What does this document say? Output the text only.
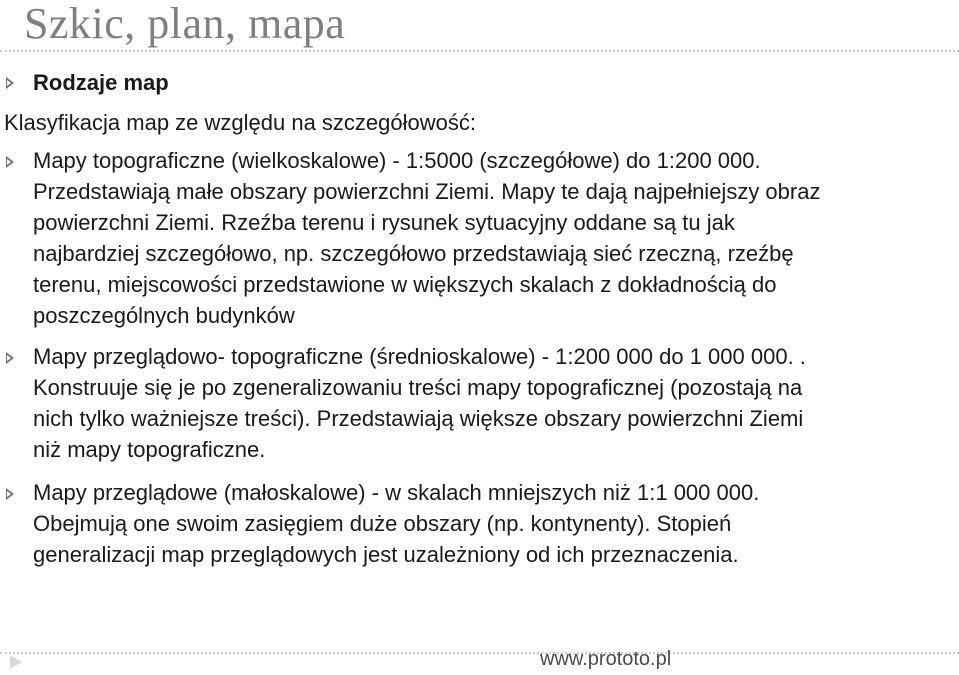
Szkic, plan, mapa
Rodzaje map
Klasyfikacja map ze względu na szczegółowość:
Mapy topograficzne (wielkoskalowe) - 1:5000 (szczegółowe) do 1:200 000.
Przedstawiają małe obszary powierzchni Ziemi. Mapy te dają najpełniejszy obraz
powierzchni Ziemi. Rzeźba terenu i rysunek sytuacyjny oddane są tu jak
najbardziej szczegółowo, np. szczegółowo przedstawiają sieć rzeczną, rzeźbę
terenu, miejscowości przedstawione w większych skalach z dokładnością do
poszczególnych budynków
Mapy przeglądowo- topograficzne (średnioskalowe) - 1:200 000 do 1 000 000. .
Konstruuje się je po zgeneralizowaniu treści mapy topograficznej (pozostają na
nich tylko ważniejsze treści). Przedstawiają większe obszary powierzchni Ziemi
niż mapy topograficzne.
Mapy przeglądowe (małoskalowe) - w skalach mniejszych niż 1:1 000 000.
Obejmują one swoim zasięgiem duże obszary (np. kontynenty). Stopień
generalizacji map przeglądowych jest uzależniony od ich przeznaczenia.
www.prototo.pl
